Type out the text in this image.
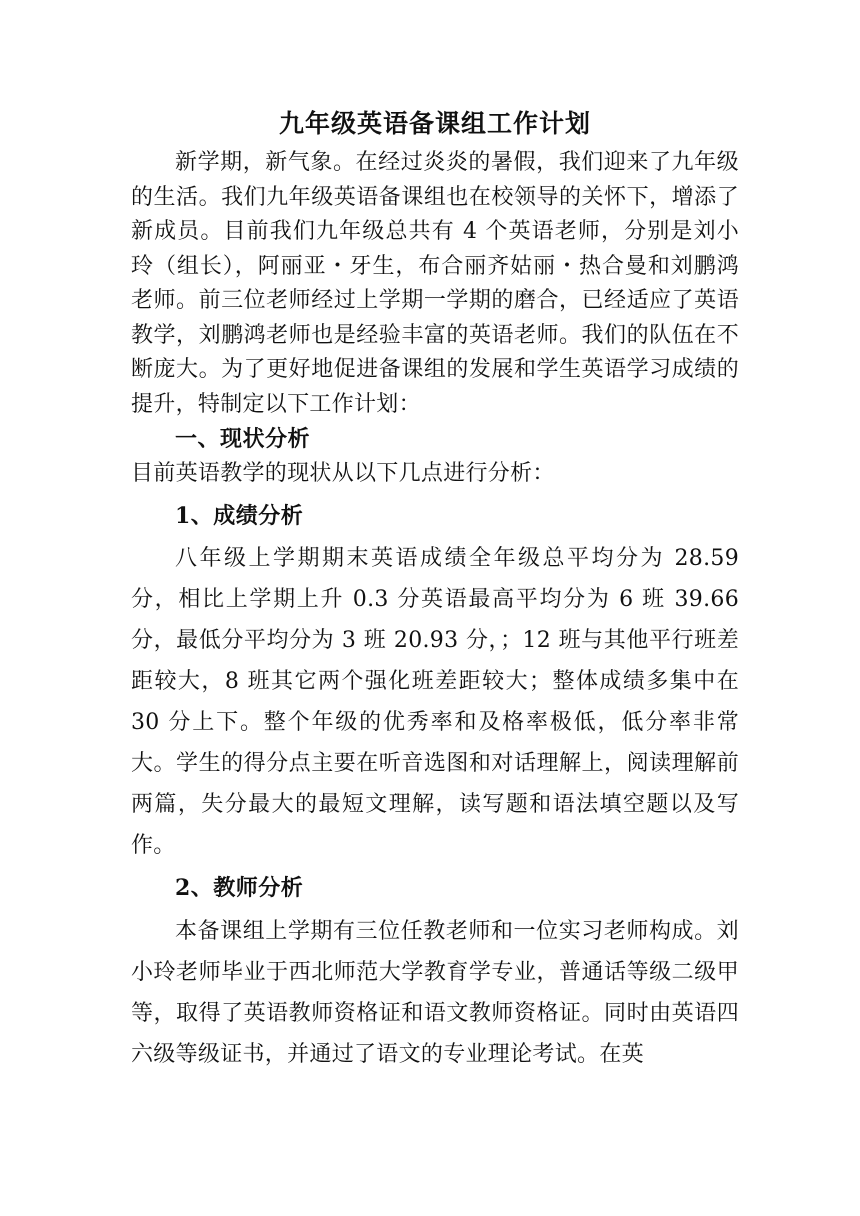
九年级英语备课组工作计划

新学期，新气象。在经过炎炎的暑假，我们迎来了九年级的生活。我们九年级英语备课组也在校领导的关怀下，增添了新成员。目前我们九年级总共有 4 个英语老师，分别是刘小玲（组长），阿丽亚・牙生，布合丽齐姑丽・热合曼和刘鹏鸿老师。前三位老师经过上学期一学期的磨合，已经适应了英语教学，刘鹏鸿老师也是经验丰富的英语老师。我们的队伍在不断庞大。为了更好地促进备课组的发展和学生英语学习成绩的提升，特制定以下工作计划：

一、现状分析

目前英语教学的现状从以下几点进行分析：

1、成绩分析

八年级上学期期末英语成绩全年级总平均分为 28.59 分，相比上学期上升 0.3 分英语最高平均分为 6 班 39.66 分，最低分平均分为 3 班 20.93 分，；12 班与其他平行班差距较大，8 班其它两个强化班差距较大；整体成绩多集中在 30 分上下。整个年级的优秀率和及格率极低，低分率非常大。学生的得分点主要在听音选图和对话理解上，阅读理解前两篇，失分最大的最短文理解，读写题和语法填空题以及写作。

2、教师分析

本备课组上学期有三位任教老师和一位实习老师构成。刘小玲老师毕业于西北师范大学教育学专业，普通话等级二级甲等，取得了英语教师资格证和语文教师资格证。同时由英语四六级等级证书，并通过了语文的专业理论考试。在英
